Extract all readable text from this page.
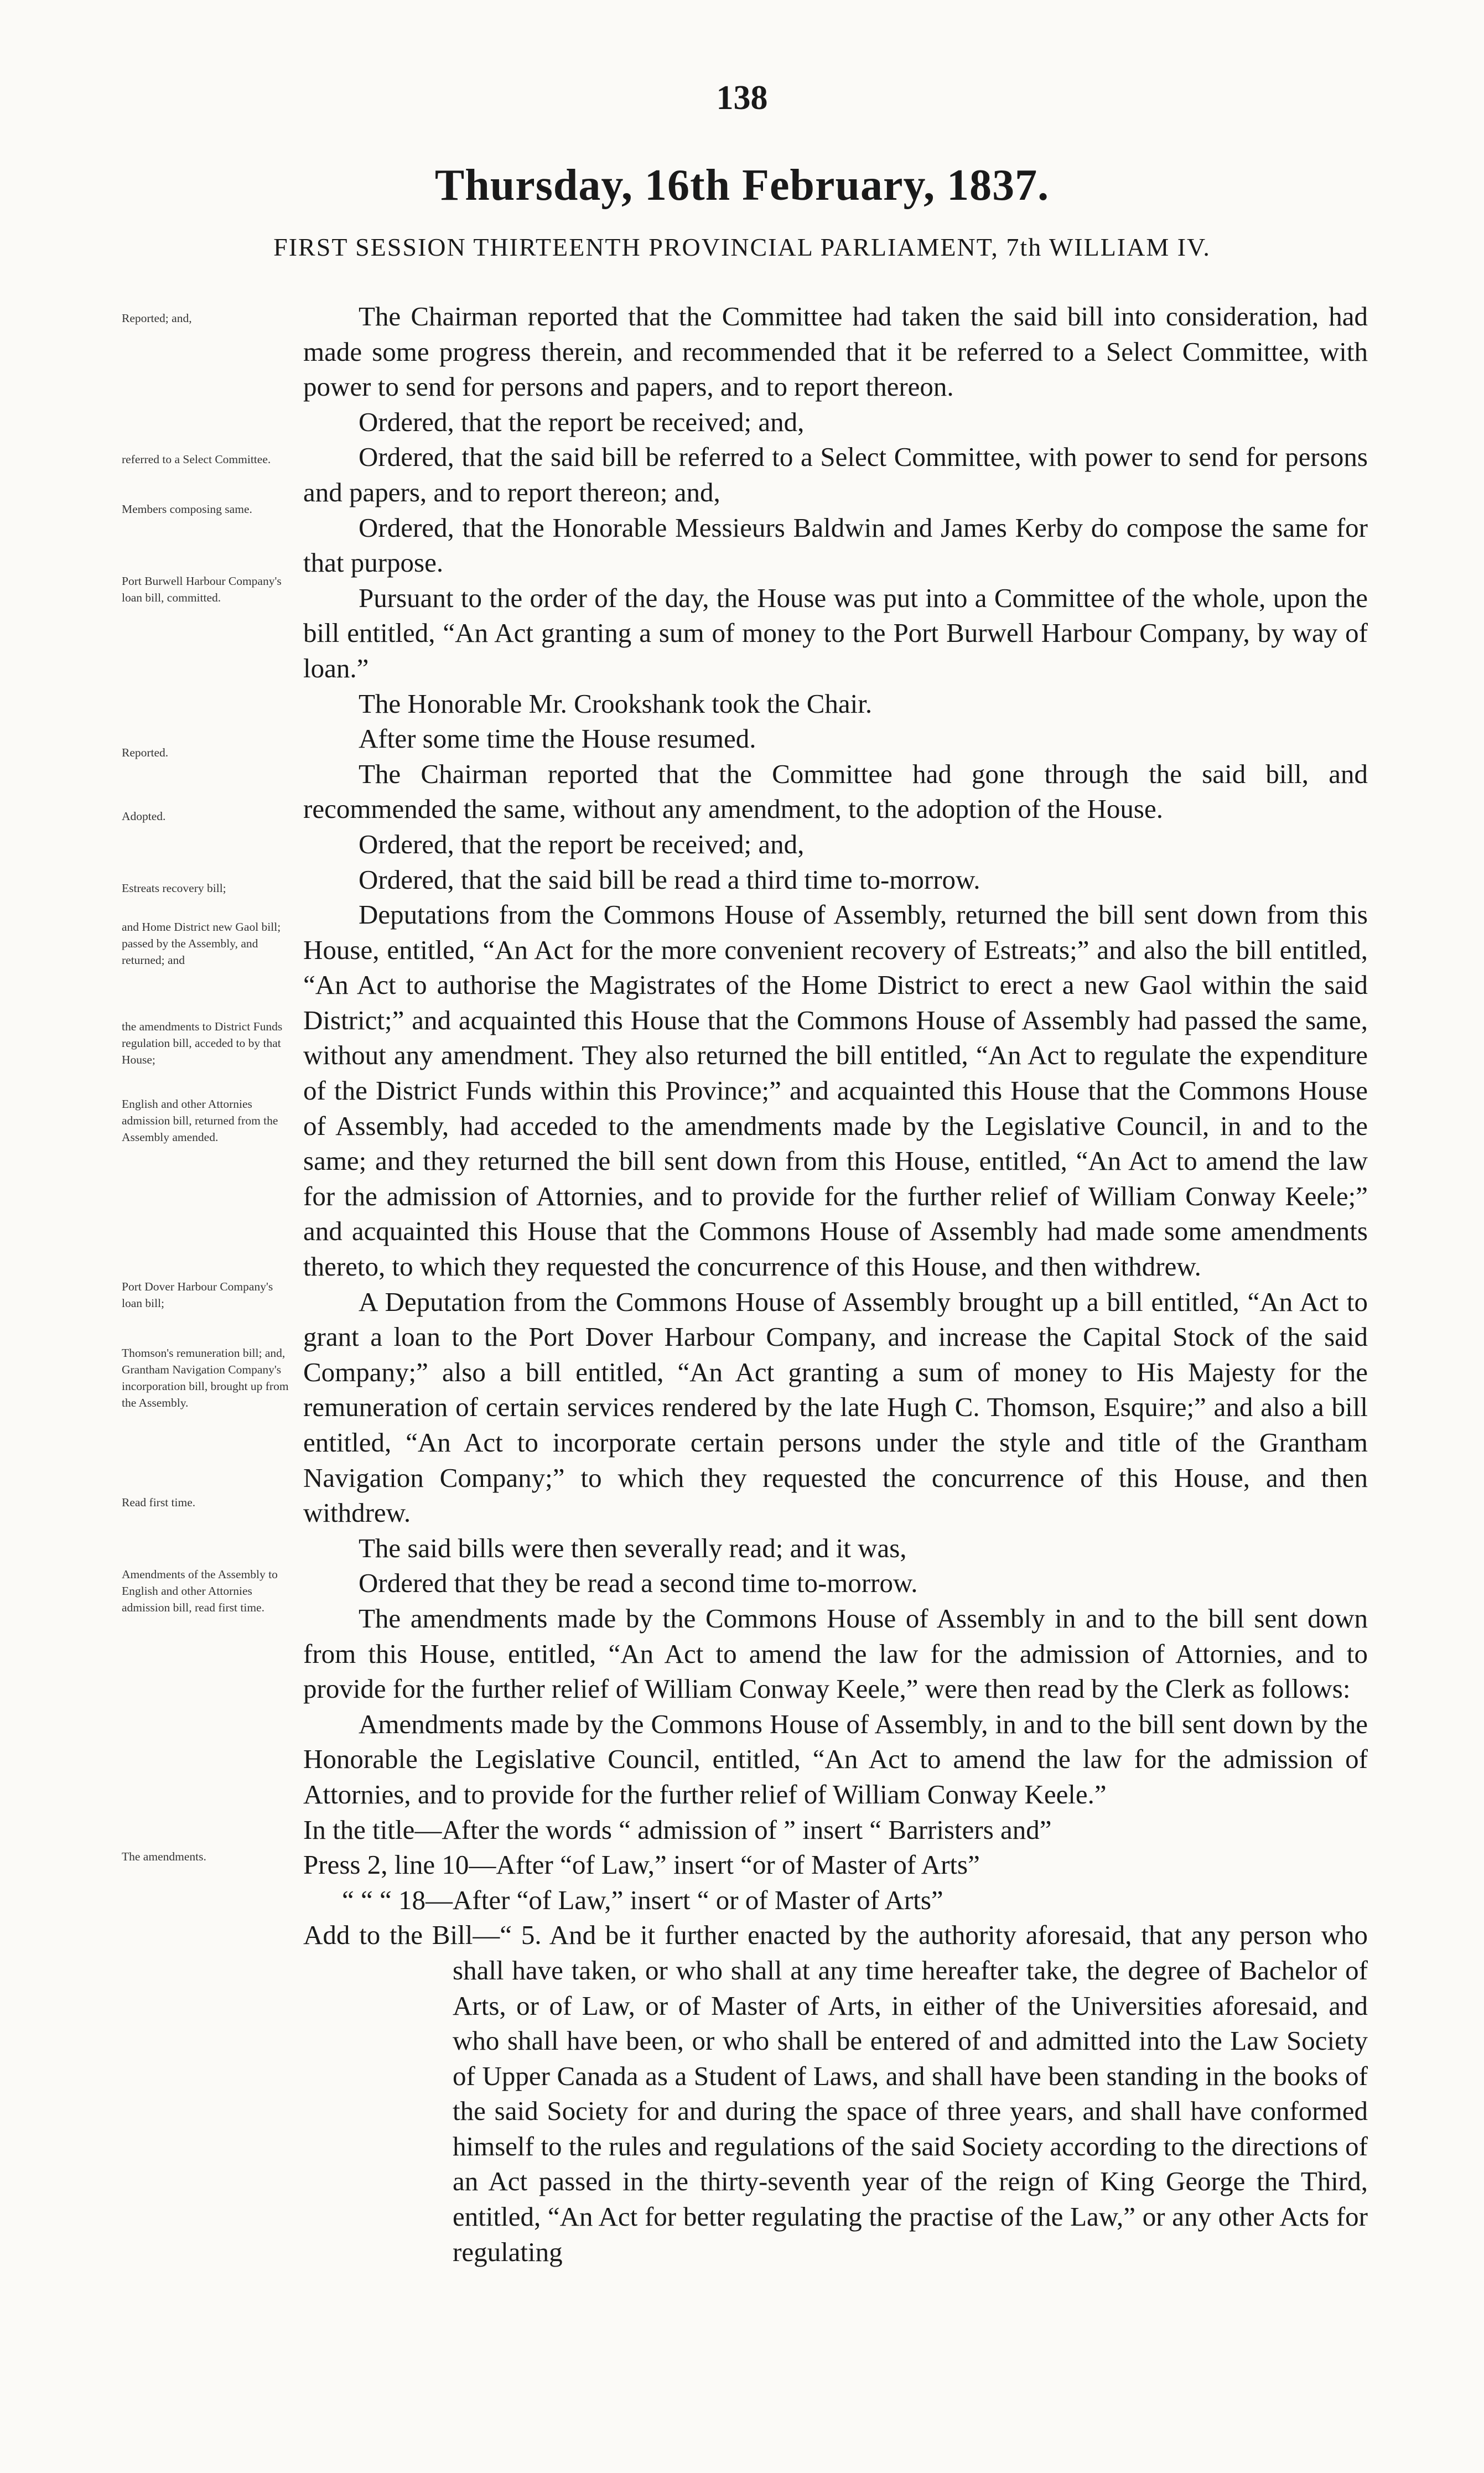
138
Thursday, 16th February, 1837.
FIRST SESSION THIRTEENTH PROVINCIAL PARLIAMENT, 7th WILLIAM IV.
Reported; and,
referred to a Select Committee.
Members composing same.
Port Burwell Harbour Company's loan bill, committed.
Reported.
Adopted.
Estreats recovery bill;
and Home District new Gaol bill; passed by the Assembly, and returned; and
the amendments to District Funds regulation bill, acceded to by that House;
English and other Attornies admission bill, returned from the Assembly amended.
Port Dover Harbour Company's loan bill;
Thomson's remuneration bill; and, Grantham Navigation Company's incorporation bill, brought up from the Assembly.
Read first time.
Amendments of the Assembly to English and other Attornies admission bill, read first time.
The amendments.

The Chairman reported that the Committee had taken the said bill into consideration, had made some progress therein, and recommended that it be referred to a Select Committee, with power to send for persons and papers, and to report thereon.

Ordered, that the report be received; and,

Ordered, that the said bill be referred to a Select Committee, with power to send for persons and papers, and to report thereon; and,

Ordered, that the Honorable Messieurs Baldwin and James Kerby do compose the same for that purpose.

Pursuant to the order of the day, the House was put into a Committee of the whole, upon the bill entitled, “An Act granting a sum of money to the Port Burwell Harbour Company, by way of loan.”

The Honorable Mr. Crookshank took the Chair.

After some time the House resumed.

The Chairman reported that the Committee had gone through the said bill, and recommended the same, without any amendment, to the adoption of the House.

Ordered, that the report be received; and,

Ordered, that the said bill be read a third time to-morrow.

Deputations from the Commons House of Assembly, returned the bill sent down from this House, entitled, “An Act for the more convenient recovery of Estreats;” and also the bill entitled, “An Act to authorise the Magistrates of the Home District to erect a new Gaol within the said District;” and acquainted this House that the Commons House of Assembly had passed the same, without any amendment. They also returned the bill entitled, “An Act to regulate the expenditure of the District Funds within this Province;” and acquainted this House that the Commons House of Assembly, had acceded to the amendments made by the Legislative Council, in and to the same; and they returned the bill sent down from this House, entitled, “An Act to amend the law for the admission of Attornies, and to provide for the further relief of William Conway Keele;” and acquainted this House that the Commons House of Assembly had made some amendments thereto, to which they requested the concurrence of this House, and then withdrew.

A Deputation from the Commons House of Assembly brought up a bill entitled, “An Act to grant a loan to the Port Dover Harbour Company, and increase the Capital Stock of the said Company;” also a bill entitled, “An Act granting a sum of money to His Majesty for the remuneration of certain services rendered by the late Hugh C. Thomson, Esquire;” and also a bill entitled, “An Act to incorporate certain persons under the style and title of the Grantham Navigation Company;” to which they requested the concurrence of this House, and then withdrew.

The said bills were then severally read; and it was,

Ordered that they be read a second time to-morrow.

The amendments made by the Commons House of Assembly in and to the bill sent down from this House, entitled, “An Act to amend the law for the admission of Attornies, and to provide for the further relief of William Conway Keele,” were then read by the Clerk as follows:

Amendments made by the Commons House of Assembly, in and to the bill sent down by the Honorable the Legislative Council, entitled, “An Act to amend the law for the admission of Attornies, and to provide for the further relief of William Conway Keele.”

In the title—After the words “ admission of ” insert “ Barristers and”

Press 2, line 10—After “of Law,” insert “or of Master of Arts”

“ “ “ 18—After “of Law,” insert “ or of Master of Arts”

Add to the Bill—“ 5. And be it further enacted by the authority aforesaid, that any person who shall have taken, or who shall at any time hereafter take, the degree of Bachelor of Arts, or of Law, or of Master of Arts, in either of the Universities aforesaid, and who shall have been, or who shall be entered of and admitted into the Law Society of Upper Canada as a Student of Laws, and shall have been standing in the books of the said Society for and during the space of three years, and shall have conformed himself to the rules and regulations of the said Society according to the directions of an Act passed in the thirty-seventh year of the reign of King George the Third, entitled, “An Act for better regulating the practise of the Law,” or any other Acts for regulating
